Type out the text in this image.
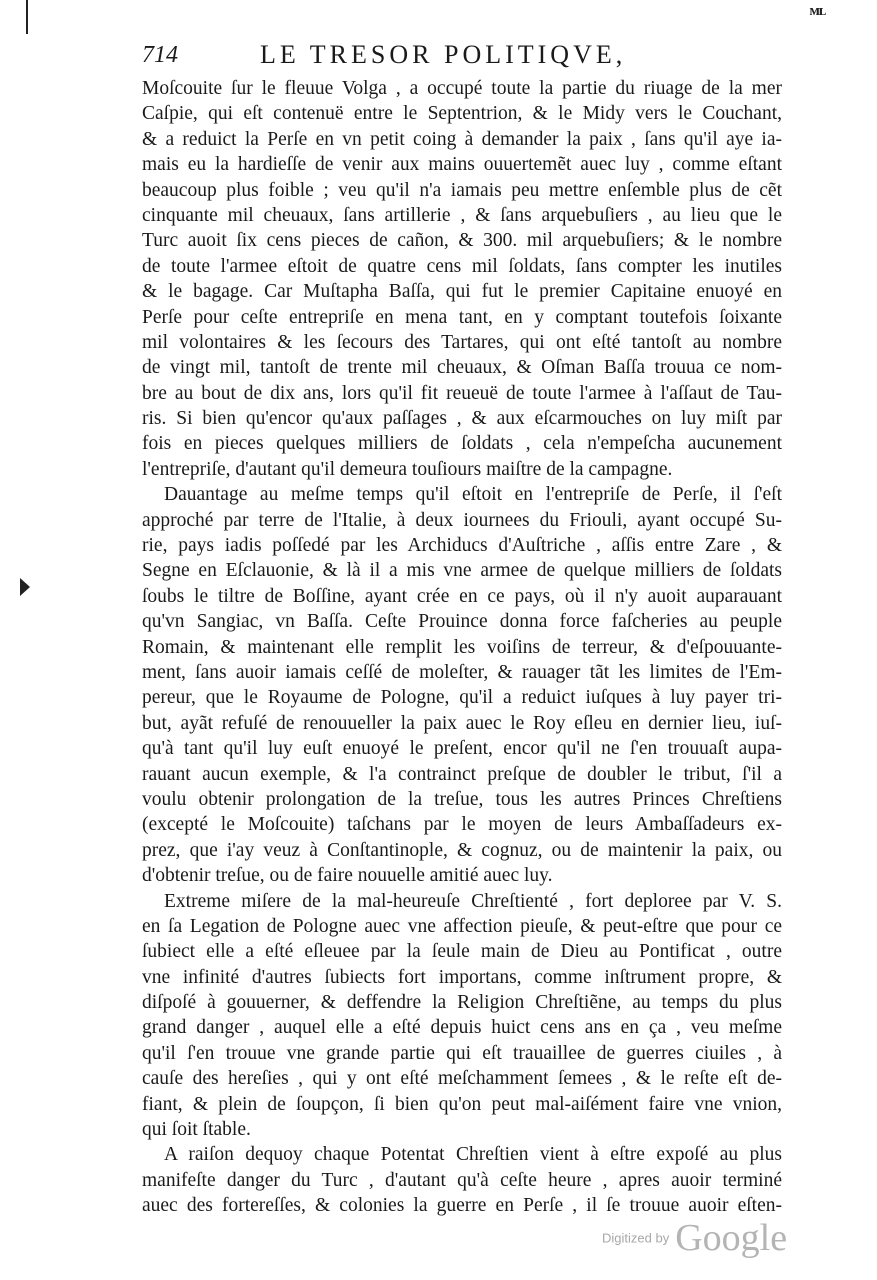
ᴹᴸ
714	LE TRESOR POLITIQVE,
Moſcouite ſur le fleuue Volga , a occupé toute la partie du riuage de la mer
Caſpie, qui eſt contenuë entre le Septentrion, & le Midy vers le Couchant,
& a reduict la Perſe en vn petit coing à demander la paix , ſans qu'il aye ia-
mais eu la hardieſſe de venir aux mains ouuertemẽt auec luy , comme eſtant
beaucoup plus foible ; veu qu'il n'a iamais peu mettre enſemble plus de cẽt
cinquante mil cheuaux, ſans artillerie , & ſans arquebuſiers , au lieu que le
Turc auoit ſix cens pieces de cañon, & 300. mil arquebuſiers; & le nombre
de toute l'armee eſtoit de quatre cens mil ſoldats, ſans compter les inutiles
& le bagage. Car Muſtapha Baſſa, qui fut le premier Capitaine enuoyé en
Perſe pour ceſte entrepriſe en mena tant, en y comptant toutefois ſoixante
mil volontaires & les ſecours des Tartares, qui ont eſté tantoſt au nombre
de vingt mil, tantoſt de trente mil cheuaux, & Oſman Baſſa trouua ce nom-
bre au bout de dix ans, lors qu'il fit reueuë de toute l'armee à l'aſſaut de Tau-
ris. Si bien qu'encor qu'aux paſſages , & aux eſcarmouches on luy miſt par
fois en pieces quelques milliers de ſoldats , cela n'empeſcha aucunement
l'entrepriſe, d'autant qu'il demeura touſiours maiſtre de la campagne.
Dauantage au meſme temps qu'il eſtoit en l'entrepriſe de Perſe, il ſ'eſt
approché par terre de l'Italie, à deux iournees du Friouli, ayant occupé Su-
rie, pays iadis poſſedé par les Archiducs d'Auſtriche , aſſis entre Zare , &
Segne en Eſclauonie, & là il a mis vne armee de quelque milliers de ſoldats
ſoubs le tiltre de Boſſine, ayant crée en ce pays, où il n'y auoit auparauant
qu'vn Sangiac, vn Baſſa. Ceſte Prouince donna force faſcheries au peuple
Romain, & maintenant elle remplit les voiſins de terreur, & d'eſpouuante-
ment, ſans auoir iamais ceſſé de moleſter, & rauager tãt les limites de l'Em-
pereur, que le Royaume de Pologne, qu'il a reduict iuſques à luy payer tri-
but, ayãt refuſé de renouueller la paix auec le Roy eſleu en dernier lieu, iuſ-
qu'à tant qu'il luy euſt enuoyé le preſent, encor qu'il ne ſ'en trouuaſt aupa-
rauant aucun exemple, & l'a contrainct preſque de doubler le tribut, ſ'il a
voulu obtenir prolongation de la treſue, tous les autres Princes Chreſtiens
(excepté le Moſcouite) taſchans par le moyen de leurs Ambaſſadeurs ex-
prez, que i'ay veuz à Conſtantinople, & cognuz, ou de maintenir la paix, ou
d'obtenir treſue, ou de faire nouuelle amitié auec luy.
Extreme miſere de la mal-heureuſe Chreſtienté , fort deploree par V. S.
en ſa Legation de Pologne auec vne affection pieuſe, & peut-eſtre que pour ce
ſubiect elle a eſté eſleuee par la ſeule main de Dieu au Pontificat , outre
vne infinité d'autres ſubiects fort importans, comme inſtrument propre, &
diſpoſé à gouuerner, & deffendre la Religion Chreſtiẽne, au temps du plus
grand danger , auquel elle a eſté depuis huict cens ans en ça , veu meſme
qu'il ſ'en trouue vne grande partie qui eſt trauaillee de guerres ciuiles , à
cauſe des hereſies , qui y ont eſté meſchamment ſemees , & le reſte eſt de-
fiant, & plein de ſoupçon, ſi bien qu'on peut mal-aiſément faire vne vnion,
qui ſoit ſtable.
A raiſon dequoy chaque Potentat Chreſtien vient à eſtre expoſé au plus
manifeſte danger du Turc , d'autant qu'à ceſte heure , apres auoir terminé
auec des forterеſſes, & colonies la guerre en Perſe , il ſe trouue auoir eſten-
Digitized by Google
